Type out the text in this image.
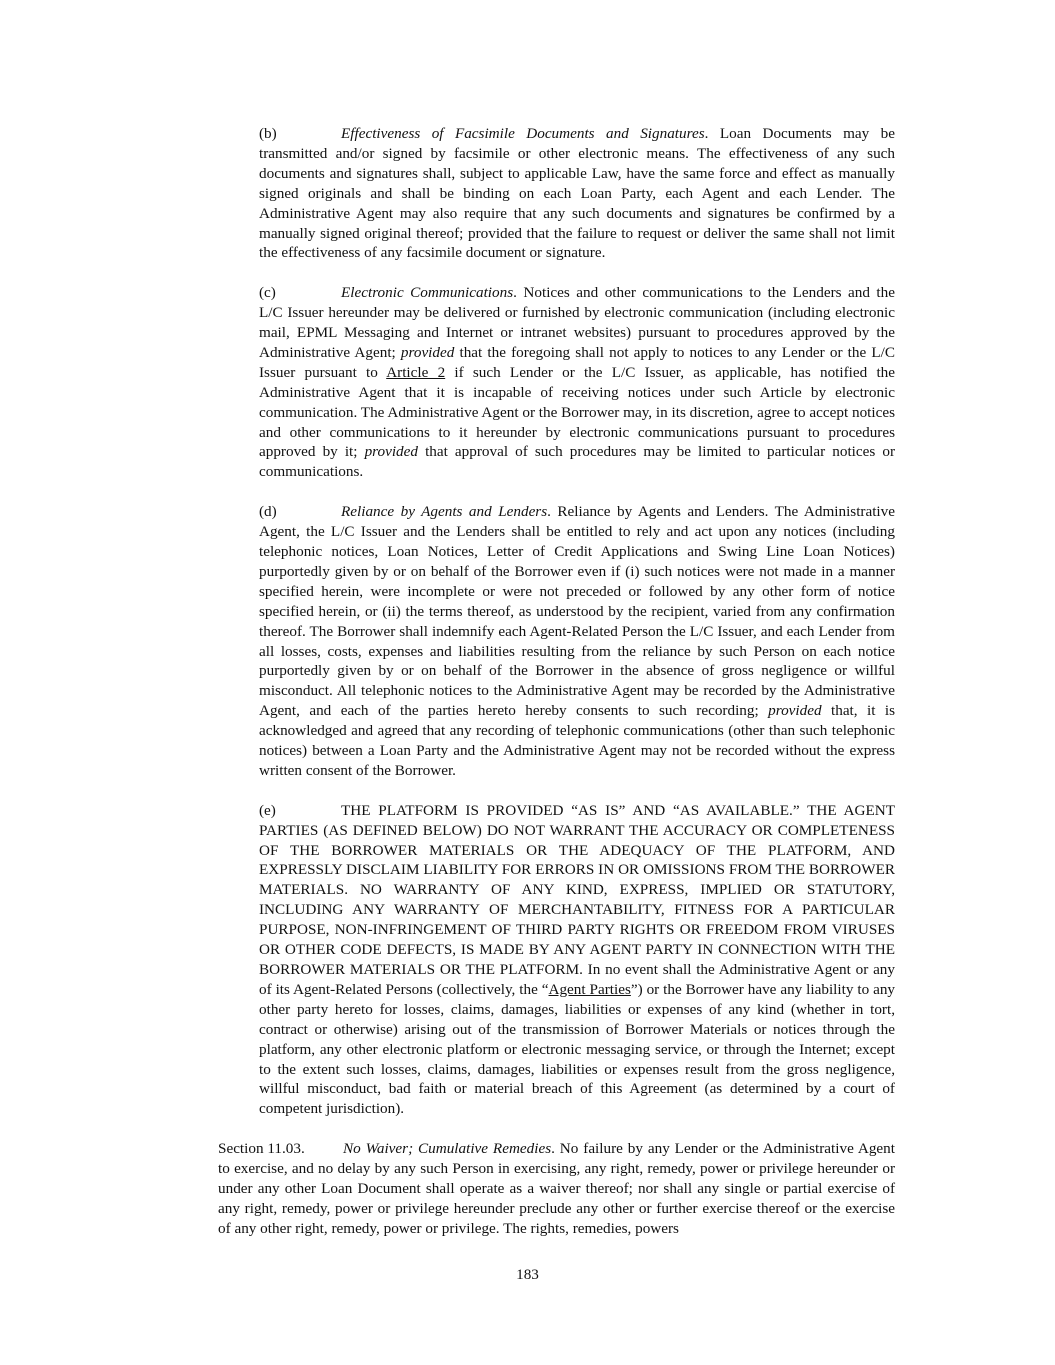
(b)	Effectiveness of Facsimile Documents and Signatures. Loan Documents may be transmitted and/or signed by facsimile or other electronic means. The effectiveness of any such documents and signatures shall, subject to applicable Law, have the same force and effect as manually signed originals and shall be binding on each Loan Party, each Agent and each Lender. The Administrative Agent may also require that any such documents and signatures be confirmed by a manually signed original thereof; provided that the failure to request or deliver the same shall not limit the effectiveness of any facsimile document or signature.

(c)	Electronic Communications. Notices and other communications to the Lenders and the L/C Issuer hereunder may be delivered or furnished by electronic communication (including electronic mail, EPML Messaging and Internet or intranet websites) pursuant to procedures approved by the Administrative Agent; provided that the foregoing shall not apply to notices to any Lender or the L/C Issuer pursuant to Article 2 if such Lender or the L/C Issuer, as applicable, has notified the Administrative Agent that it is incapable of receiving notices under such Article by electronic communication. The Administrative Agent or the Borrower may, in its discretion, agree to accept notices and other communications to it hereunder by electronic communications pursuant to procedures approved by it; provided that approval of such procedures may be limited to particular notices or communications.

(d)	Reliance by Agents and Lenders. Reliance by Agents and Lenders. The Administrative Agent, the L/C Issuer and the Lenders shall be entitled to rely and act upon any notices (including telephonic notices, Loan Notices, Letter of Credit Applications and Swing Line Loan Notices) purportedly given by or on behalf of the Borrower even if (i) such notices were not made in a manner specified herein, were incomplete or were not preceded or followed by any other form of notice specified herein, or (ii) the terms thereof, as understood by the recipient, varied from any confirmation thereof. The Borrower shall indemnify each Agent-Related Person the L/C Issuer, and each Lender from all losses, costs, expenses and liabilities resulting from the reliance by such Person on each notice purportedly given by or on behalf of the Borrower in the absence of gross negligence or willful misconduct. All telephonic notices to the Administrative Agent may be recorded by the Administrative Agent, and each of the parties hereto hereby consents to such recording; provided that, it is acknowledged and agreed that any recording of telephonic communications (other than such telephonic notices) between a Loan Party and the Administrative Agent may not be recorded without the express written consent of the Borrower.

(e)	THE PLATFORM IS PROVIDED “AS IS” AND “AS AVAILABLE.” THE AGENT PARTIES (AS DEFINED BELOW) DO NOT WARRANT THE ACCURACY OR COMPLETENESS OF THE BORROWER MATERIALS OR THE ADEQUACY OF THE PLATFORM, AND EXPRESSLY DISCLAIM LIABILITY FOR ERRORS IN OR OMISSIONS FROM THE BORROWER MATERIALS. NO WARRANTY OF ANY KIND, EXPRESS, IMPLIED OR STATUTORY, INCLUDING ANY WARRANTY OF MERCHANTABILITY, FITNESS FOR A PARTICULAR PURPOSE, NON-INFRINGEMENT OF THIRD PARTY RIGHTS OR FREEDOM FROM VIRUSES OR OTHER CODE DEFECTS, IS MADE BY ANY AGENT PARTY IN CONNECTION WITH THE BORROWER MATERIALS OR THE PLATFORM. In no event shall the Administrative Agent or any of its Agent-Related Persons (collectively, the “Agent Parties”) or the Borrower have any liability to any other party hereto for losses, claims, damages, liabilities or expenses of any kind (whether in tort, contract or otherwise) arising out of the transmission of Borrower Materials or notices through the platform, any other electronic platform or electronic messaging service, or through the Internet; except to the extent such losses, claims, damages, liabilities or expenses result from the gross negligence, willful misconduct, bad faith or material breach of this Agreement (as determined by a court of competent jurisdiction).

Section 11.03.	No Waiver; Cumulative Remedies. No failure by any Lender or the Administrative Agent to exercise, and no delay by any such Person in exercising, any right, remedy, power or privilege hereunder or under any other Loan Document shall operate as a waiver thereof; nor shall any single or partial exercise of any right, remedy, power or privilege hereunder preclude any other or further exercise thereof or the exercise of any other right, remedy, power or privilege. The rights, remedies, powers

183
